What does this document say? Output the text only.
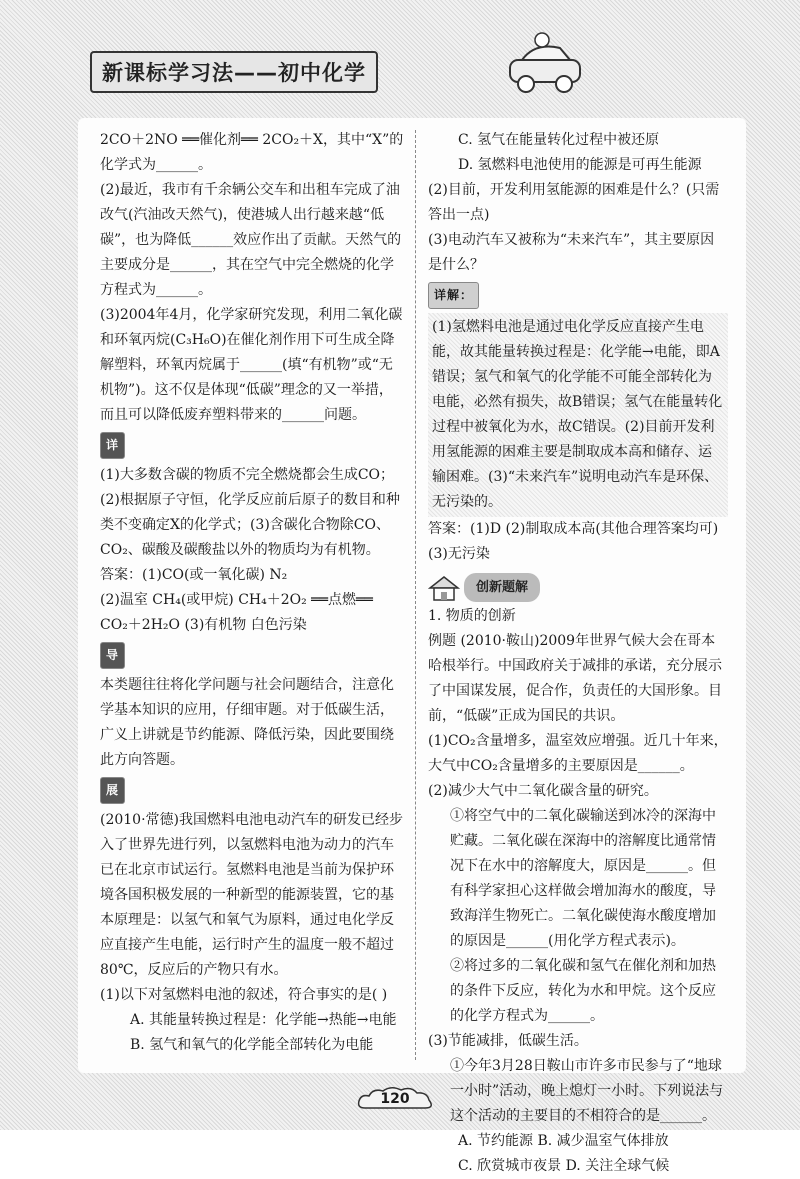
新课标学习法——初中化学

2CO＋2NO ══催化剂══ 2CO₂＋X，其中“X”的化学式为______。

(2)最近，我市有千余辆公交车和出租车完成了油改气(汽油改天然气)，使港城人出行越来越“低碳”，也为降低______效应作出了贡献。天然气的主要成分是______，其在空气中完全燃烧的化学方程式为______。

(3)2004年4月，化学家研究发现，利用二氧化碳和环氧丙烷(C₃H₆O)在催化剂作用下可生成全降解塑料，环氧丙烷属于______(填“有机物”或“无机物”)。这不仅是体现“低碳”理念的又一举措，而且可以降低废弃塑料带来的______问题。

详

(1)大多数含碳的物质不完全燃烧都会生成CO；(2)根据原子守恒，化学反应前后原子的数目和种类不变确定X的化学式；(3)含碳化合物除CO、CO₂、碳酸及碳酸盐以外的物质均为有机物。

答案：(1)CO(或一氧化碳) N₂

(2)温室 CH₄(或甲烷) CH₄＋2O₂ ══点燃══ CO₂＋2H₂O (3)有机物 白色污染

导

本类题往往将化学问题与社会问题结合，注意化学基本知识的应用，仔细审题。对于低碳生活，广义上讲就是节约能源、降低污染，因此要围绕此方向答题。

展

(2010·常德)我国燃料电池电动汽车的研发已经步入了世界先进行列，以氢燃料电池为动力的汽车已在北京市试运行。氢燃料电池是当前为保护环境各国积极发展的一种新型的能源装置，它的基本原理是：以氢气和氧气为原料，通过电化学反应直接产生电能，运行时产生的温度一般不超过80℃，反应后的产物只有水。

(1)以下对氢燃料电池的叙述，符合事实的是( )

A. 其能量转换过程是：化学能→热能→电能

B. 氢气和氧气的化学能全部转化为电能

C. 氢气在能量转化过程中被还原

D. 氢燃料电池使用的能源是可再生能源

(2)目前，开发利用氢能源的困难是什么？(只需答出一点)

(3)电动汽车又被称为“未来汽车”，其主要原因是什么？

详解：

(1)氢燃料电池是通过电化学反应直接产生电能，故其能量转换过程是：化学能→电能，即A错误；氢气和氧气的化学能不可能全部转化为电能，必然有损失，故B错误；氢气在能量转化过程中被氧化为水，故C错误。(2)目前开发利用氢能源的困难主要是制取成本高和储存、运输困难。(3)“未来汽车”说明电动汽车是环保、无污染的。

答案：(1)D (2)制取成本高(其他合理答案均可) (3)无污染

创新题解

1. 物质的创新

例题 (2010·鞍山)2009年世界气候大会在哥本哈根举行。中国政府关于减排的承诺，充分展示了中国谋发展，促合作，负责任的大国形象。目前，“低碳”正成为国民的共识。

(1)CO₂含量增多，温室效应增强。近几十年来，大气中CO₂含量增多的主要原因是______。

(2)减少大气中二氧化碳含量的研究。

①将空气中的二氧化碳输送到冰冷的深海中贮藏。二氧化碳在深海中的溶解度比通常情况下在水中的溶解度大，原因是______。但有科学家担心这样做会增加海水的酸度，导致海洋生物死亡。二氧化碳使海水酸度增加的原因是______(用化学方程式表示)。

②将过多的二氧化碳和氢气在催化剂和加热的条件下反应，转化为水和甲烷。这个反应的化学方程式为______。

(3)节能减排，低碳生活。

①今年3月28日鞍山市许多市民参与了“地球一小时”活动，晚上熄灯一小时。下列说法与这个活动的主要目的不相符合的是______。

A. 节约能源 B. 减少温室气体排放

C. 欣赏城市夜景 D. 关注全球气候

120
